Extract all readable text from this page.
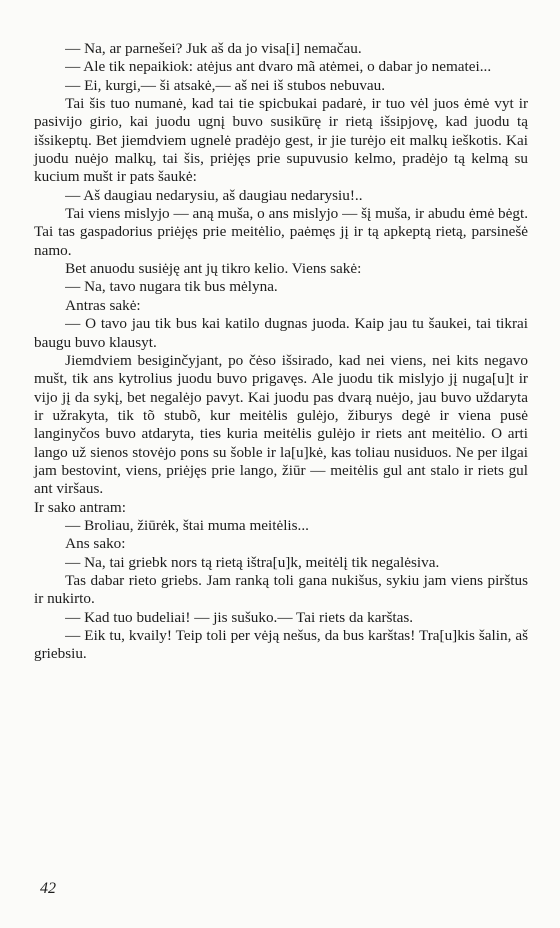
— Na, ar parnešei? Juk aš da jo visa[i] nemačau.

— Ale tik nepaikiok: atėjus ant dvaro mã atėmei, o dabar jo nematei...

— Ei, kurgi,— ši atsakė,— aš nei iš stubos nebuvau.

Tai šis tuo numanė, kad tai tie spicbukai padarė, ir tuo vėl juos ėmė vyt ir pasivijo girio, kai juodu ugnį buvo susikūrę ir rietą išsipjovę, kad juodu tą išsikeptų. Bet jiemdviem ugnelė pradėjo gest, ir jie turėjo eit malkų ieškotis. Kai juodu nuėjo malkų, tai šis, priėjęs prie supuvusio kelmo, pradėjo tą kelmą su kucium mušt ir pats šaukė:

— Aš daugiau nedarysiu, aš daugiau nedarysiu!..

Tai viens mislyjo — aną muša, o ans mislyjo — šį muša, ir abudu ėmė bėgt. Tai tas gaspadorius priėjęs prie meitėlio, paėmęs jį ir tą apkeptą rietą, parsinešė namo.

Bet anuodu susiėję ant jų tikro kelio. Viens sakė:

— Na, tavo nugara tik bus mėlyna.

Antras sakė:

— O tavo jau tik bus kai katilo dugnas juoda. Kaip jau tu šaukei, tai tikrai baugu buvo klausyt.

Jiemdviem besiginčyjant, po čėso išsirado, kad nei viens, nei kits negavo mušt, tik ans kytrolius juodu buvo prigavęs. Ale juodu tik mislyjo jį nuga[u]t ir vijo jį da sykį, bet negalėjo pavyt. Kai juodu pas dvarą nuėjo, jau buvo uždaryta ir užrakyta, tik tõ stubõ, kur meitėlis gulėjo, žiburys degė ir viena pusė langinyčos buvo atdaryta, ties kuria meitėlis gulėjo ir riets ant meitėlio. O arti lango už sienos stovėjo pons su šoble ir la[u]kė, kas toliau nusiduos. Ne per ilgai jam bestovint, viens, priėjęs prie lango, žiūr — meitėlis gul ant stalo ir riets gul ant viršaus.

Ir sako antram:

— Broliau, žiūrėk, štai muma meitėlis...

Ans sako:

— Na, tai griebk nors tą rietą ištra[u]k, meitėlį tik negalėsiva.

Tas dabar rieto griebs. Jam ranką toli gana nukišus, sykiu jam viens pirštus ir nukirto.

— Kad tuo budeliai! — jis sušuko.— Tai riets da karštas.

— Eik tu, kvaily! Teip toli per vėją nešus, da bus karštas! Tra[u]kis šalin, aš griebsiu.

42
